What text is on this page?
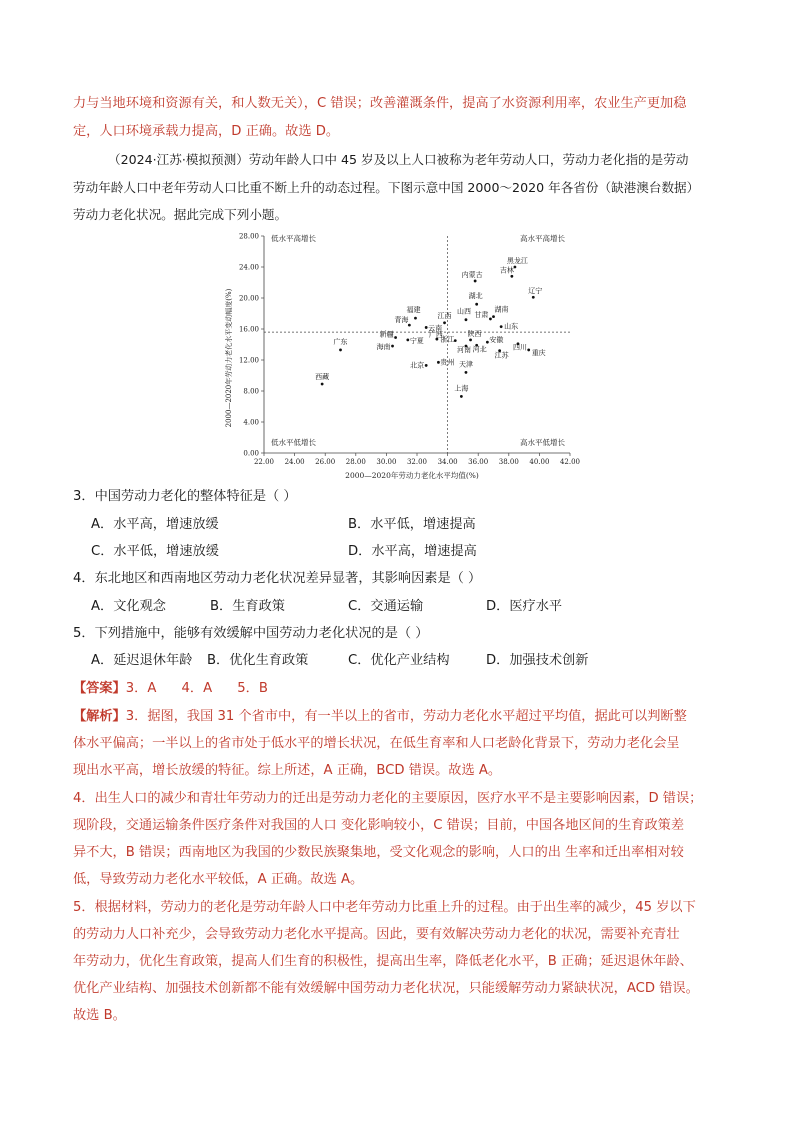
力与当地环境和资源有关，和人数无关），C 错误；改善灌溉条件，提高了水资源利用率，农业生产更加稳
定，人口环境承载力提高，D 正确。故选 D。
（2024·江苏·模拟预测）劳动年龄人口中 45 岁及以上人口被称为老年劳动人口，劳动力老化指的是劳动
劳动年龄人口中老年劳动人口比重不断上升的动态过程。下图示意中国 2000～2020 年各省份（缺港澳台数据）
劳动力老化状况。据此完成下列小题。
22.00 24.00 26.00 28.00 30.00 32.00 34.00 36.00 38.00 40.00 42.00
0.00
4.00
8.00
12.00
16.00
20.00
24.00
28.00
黑龙江
吉林
内蒙古
辽宁
福建
湖北
湖南
甘肃
山西
江西
青海
山东
云南
新疆
宁夏
广西	陕西
浙江	安徽
四川
海南
广东
河南 河北
江苏	重庆
贵州
北京	天津
西藏
上海
2000—2020年劳动力老化水平变动幅度(%)
2000—2020年劳动力老化水平均值(%)
低水平高增长	高水平高增长
低水平低增长	高水平低增长
3．中国劳动力老化的整体特征是（ ）
A．水平高，增速放缓	B．水平低，增速提高
C．水平低，增速放缓	D．水平高，增速提高
4．东北地区和西南地区劳动力老化状况差异显著，其影响因素是（ ）
A．文化观念	B．生育政策	C．交通运输	D．医疗水平
5．下列措施中，能够有效缓解中国劳动力老化状况的是（ ）
A．延迟退休年龄 B．优化生育政策	C．优化产业结构	D．加强技术创新
【答案】3．A      4．A      5．B
【解析】3．据图，我国 31 个省市中，有一半以上的省市，劳动力老化水平超过平均值，据此可以判断整
体水平偏高；一半以上的省市处于低水平的增长状况，在低生育率和人口老龄化背景下，劳动力老化会呈
现出水平高，增长放缓的特征。综上所述，A 正确，BCD 错误。故选 A。
4．出生人口的减少和青壮年劳动力的迁出是劳动力老化的主要原因，医疗水平不是主要影响因素，D 错误；
现阶段，交通运输条件医疗条件对我国的人口 变化影响较小，C 错误；目前，中国各地区间的生育政策差
异不大，B 错误；西南地区为我国的少数民族聚集地，受文化观念的影响，人口的出 生率和迁出率相对较
低，导致劳动力老化水平较低，A 正确。故选 A。
5．根据材料，劳动力的老化是劳动年龄人口中老年劳动力比重上升的过程。由于出生率的减少，45 岁以下
的劳动力人口补充少，会导致劳动力老化水平提高。因此，要有效解决劳动力老化的状况，需要补充青壮
年劳动力，优化生育政策，提高人们生育的积极性，提高出生率，降低老化水平，B 正确；延迟退休年龄、
优化产业结构、加强技术创新都不能有效缓解中国劳动力老化状况，只能缓解劳动力紧缺状况，ACD 错误。
故选 B。
